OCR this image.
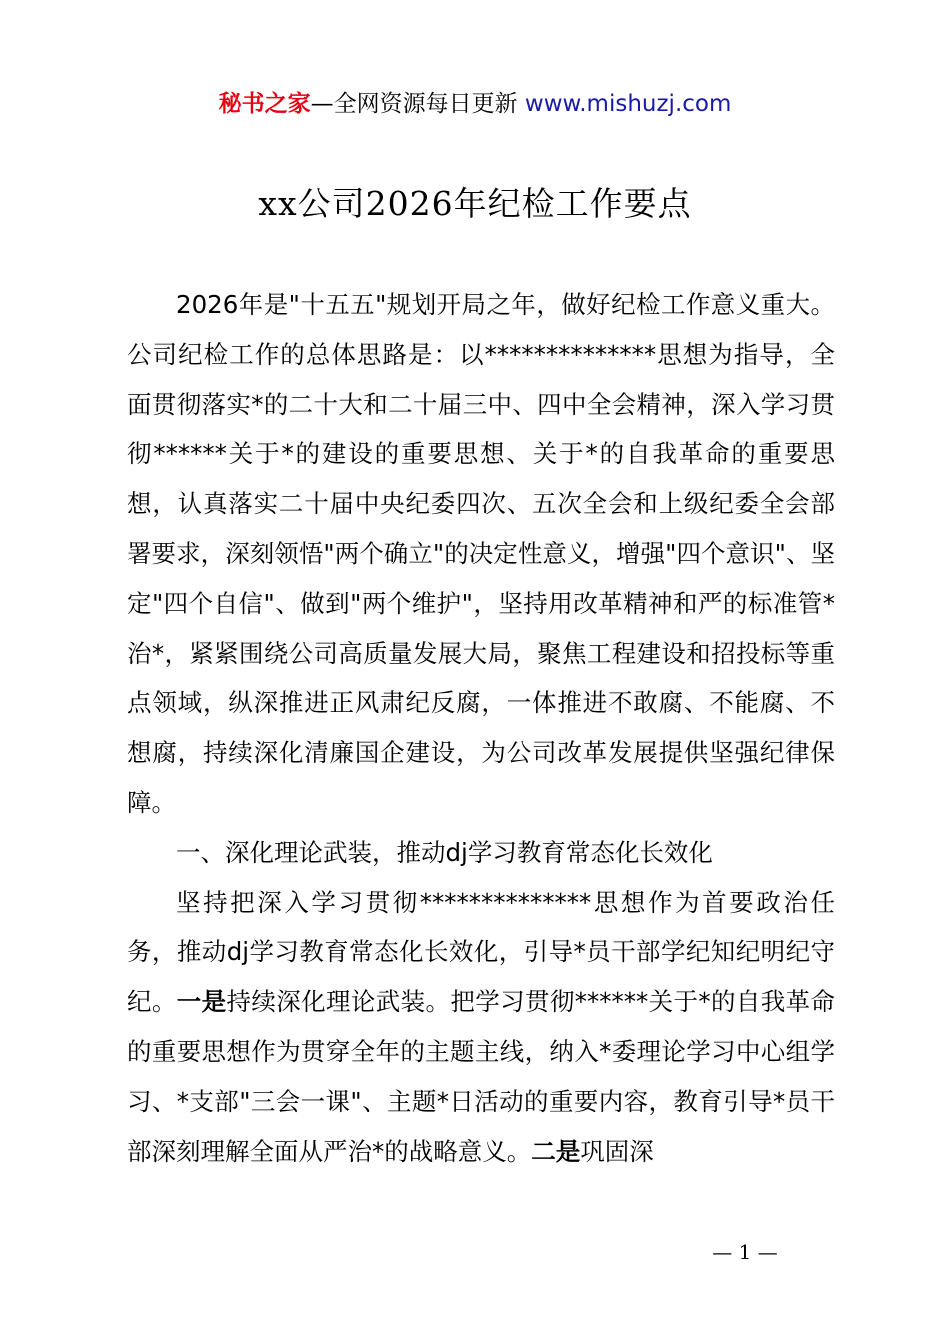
秘书之家—全网资源每日更新 www.mishuzj.com
xx公司2026年纪检工作要点

2026年是"十五五"规划开局之年，做好纪检工作意义重大。公司纪检工作的总体思路是：以**************思想为指导，全面贯彻落实*的二十大和二十届三中、四中全会精神，深入学习贯彻******关于*的建设的重要思想、关于*的自我革命的重要思想，认真落实二十届中央纪委四次、五次全会和上级纪委全会部署要求，深刻领悟"两个确立"的决定性意义，增强"四个意识"、坚定"四个自信"、做到"两个维护"，坚持用改革精神和严的标准管*治*，紧紧围绕公司高质量发展大局，聚焦工程建设和招投标等重点领域，纵深推进正风肃纪反腐，一体推进不敢腐、不能腐、不想腐，持续深化清廉国企建设，为公司改革发展提供坚强纪律保障。

一、深化理论武装，推动dj学习教育常态化长效化

坚持把深入学习贯彻**************思想作为首要政治任务，推动dj学习教育常态化长效化，引导*员干部学纪知纪明纪守纪。一是持续深化理论武装。把学习贯彻******关于*的自我革命的重要思想作为贯穿全年的主题主线，纳入*委理论学习中心组学习、*支部"三会一课"、主题*日活动的重要内容，教育引导*员干部深刻理解全面从严治*的战略意义。二是巩固深

— 1 —
